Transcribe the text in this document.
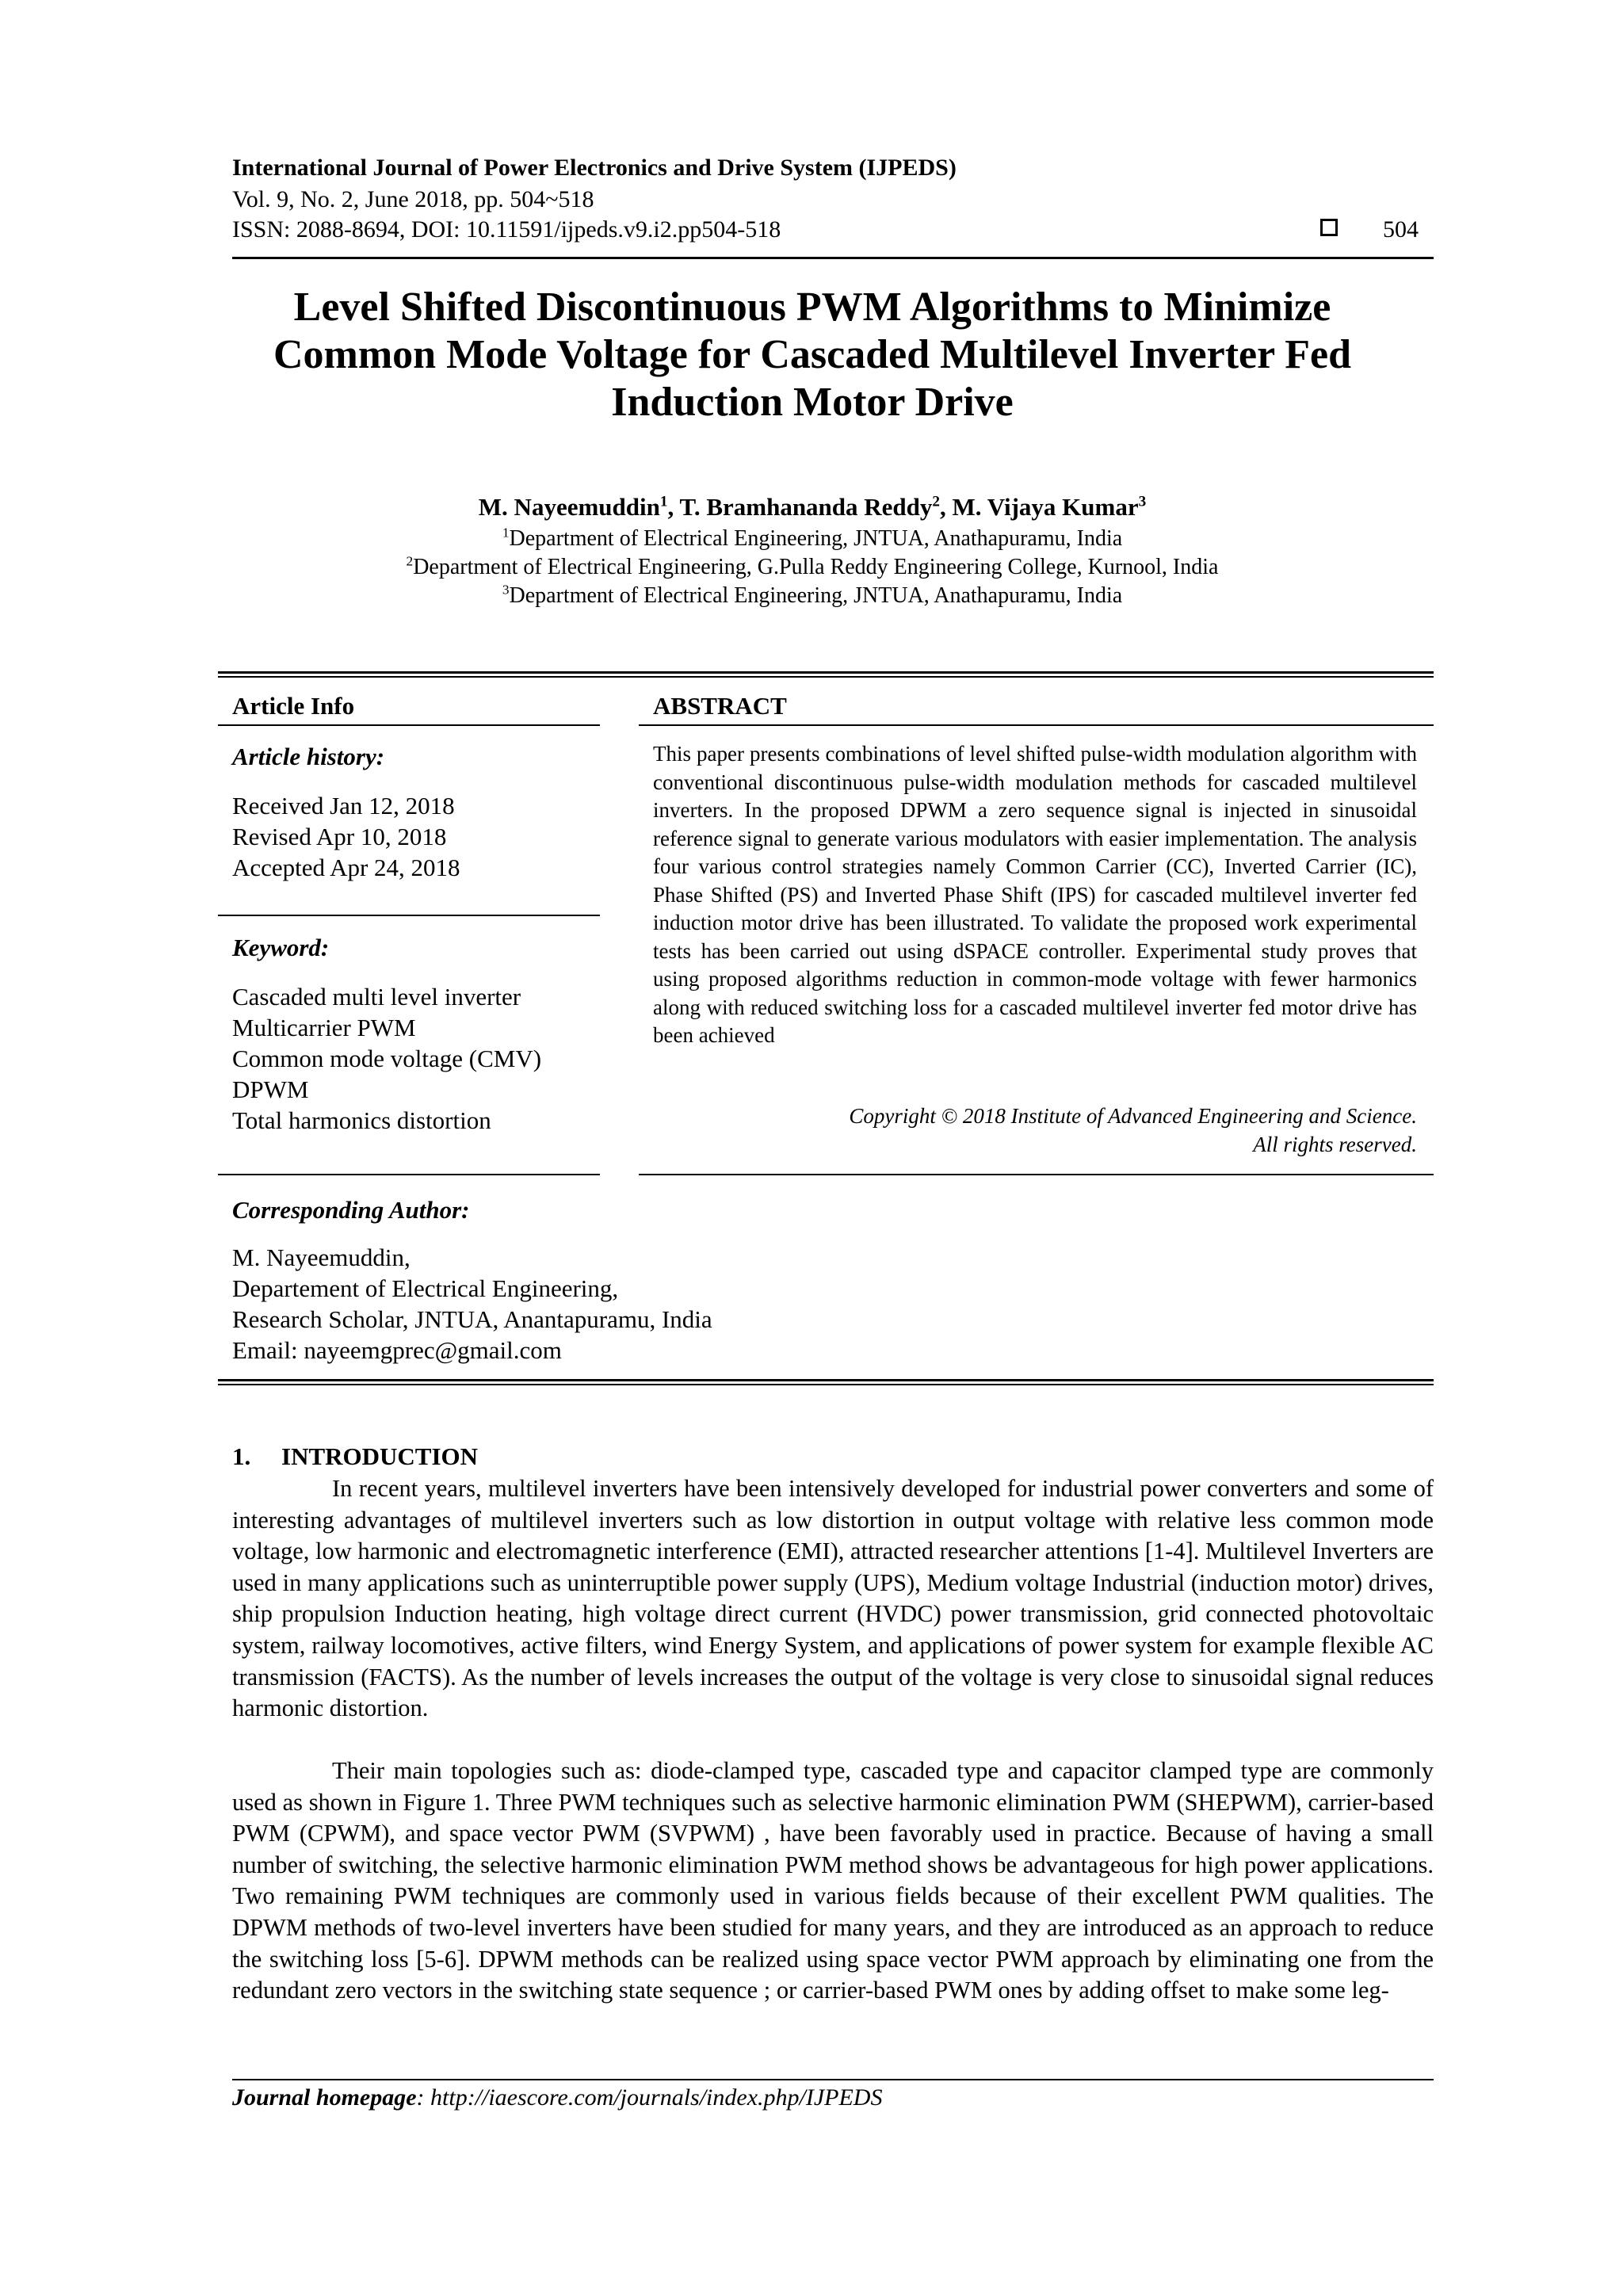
International Journal of Power Electronics and Drive System (IJPEDS)
Vol. 9, No. 2, June 2018, pp. 504~518
ISSN: 2088-8694, DOI: 10.11591/ijpeds.v9.i2.pp504-518	504
Level Shifted Discontinuous PWM Algorithms to Minimize
Common Mode Voltage for Cascaded Multilevel Inverter Fed
Induction Motor Drive
M. Nayeemuddin$^1$, T. Bramhananda Reddy$^2$, M. Vijaya Kumar$^3$
$^1$Department of Electrical Engineering, JNTUA, Anathapuramu, India
$^2$Department of Electrical Engineering, G.Pulla Reddy Engineering College, Kurnool, India
$^3$Department of Electrical Engineering, JNTUA, Anathapuramu, India
Article Info
Article history:
Received Jan 12, 2018
Revised Apr 10, 2018
Accepted Apr 24, 2018
Keyword:
Cascaded multi level inverter
Multicarrier PWM
Common mode voltage (CMV)
DPWM
Total harmonics distortion
ABSTRACT
This paper presents combinations of level shifted pulse-width modulation algorithm with conventional discontinuous pulse-width modulation methods for cascaded multilevel inverters. In the proposed DPWM a zero sequence signal is injected in sinusoidal reference signal to generate various modulators with easier implementation. The analysis four various control strategies namely Common Carrier (CC), Inverted Carrier (IC), Phase Shifted (PS) and Inverted Phase Shift (IPS) for cascaded multilevel inverter fed induction motor drive has been illustrated. To validate the proposed work experimental tests has been carried out using dSPACE controller. Experimental study proves that using proposed algorithms reduction in common-mode voltage with fewer harmonics along with reduced switching loss for a cascaded multilevel inverter fed motor drive has been achieved
Copyright © 2018 Institute of Advanced Engineering and Science.
All rights reserved.
Corresponding Author:
M. Nayeemuddin,
Departement of Electrical Engineering,
Research Scholar, JNTUA, Anantapuramu, India
Email: nayeemgprec@gmail.com
1.     INTRODUCTION
In recent years, multilevel inverters have been intensively developed for industrial power converters and some of interesting advantages of multilevel inverters such as low distortion in output voltage with relative less common mode voltage, low harmonic and electromagnetic interference (EMI), attracted researcher attentions [1-4]. Multilevel Inverters are used in many applications such as uninterruptible power supply (UPS), Medium voltage Industrial (induction motor) drives, ship propulsion Induction heating, high voltage direct current (HVDC) power transmission, grid connected photovoltaic system, railway locomotives, active filters, wind Energy System, and applications of power system for example flexible AC transmission (FACTS). As the number of levels increases the output of the voltage is very close to sinusoidal signal reduces harmonic distortion.
Their main topologies such as: diode-clamped type, cascaded type and capacitor clamped type are commonly used as shown in Figure 1. Three PWM techniques such as selective harmonic elimination PWM (SHEPWM), carrier-based PWM (CPWM), and space vector PWM (SVPWM) , have been favorably used in practice. Because of having a small number of switching, the selective harmonic elimination PWM method shows be advantageous for high power applications. Two remaining PWM techniques are commonly used in various fields because of their excellent PWM qualities. The DPWM methods of two-level inverters have been studied for many years, and they are introduced as an approach to reduce the switching loss [5-6]. DPWM methods can be realized using space vector PWM approach by eliminating one from the redundant zero vectors in the switching state sequence ; or carrier-based PWM ones by adding offset to make some leg-
Journal homepage: http://iaescore.com/journals/index.php/IJPEDS
